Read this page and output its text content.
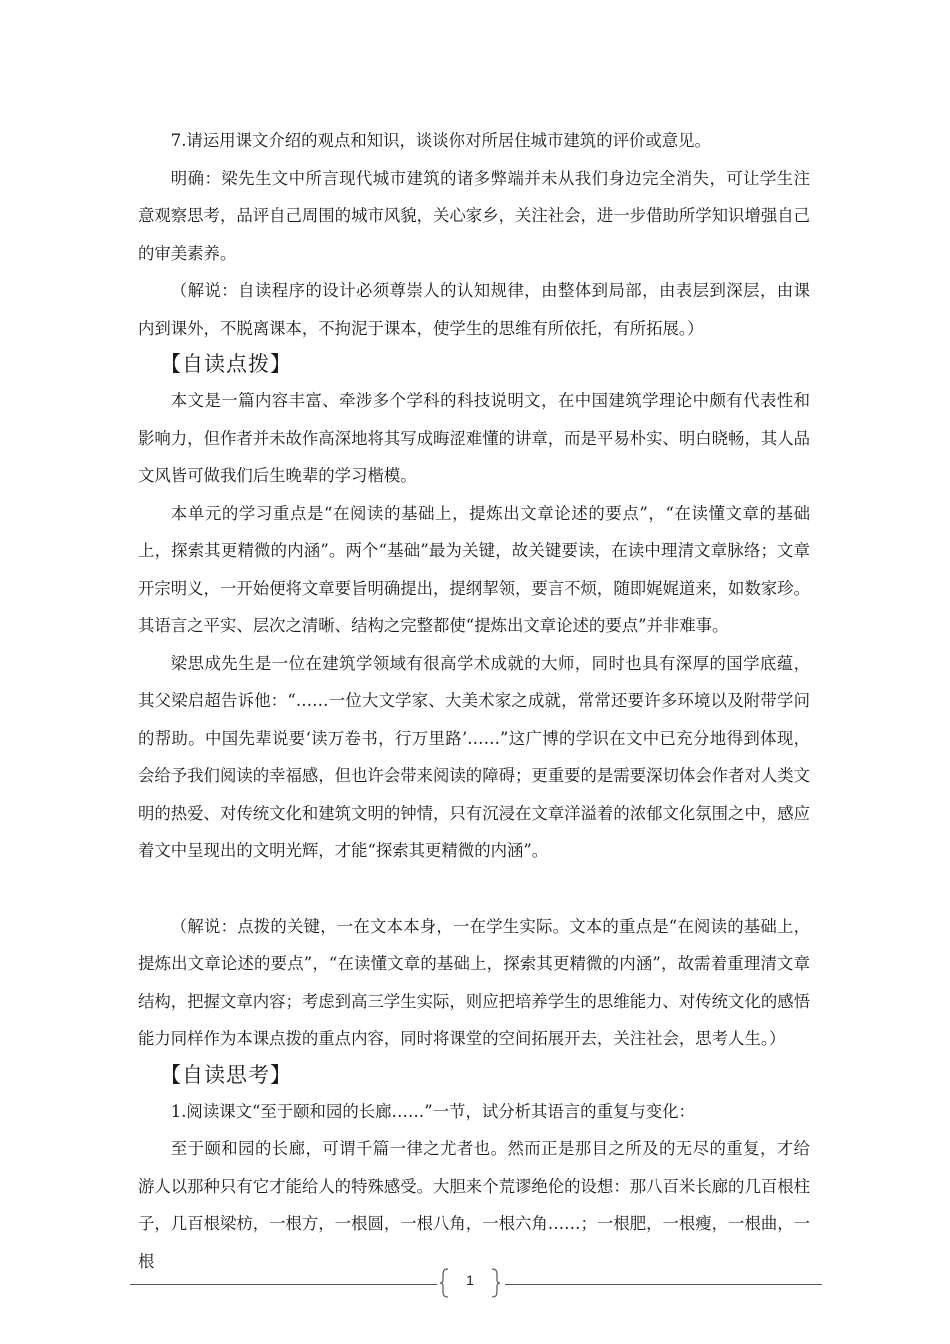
7.请运用课文介绍的观点和知识，谈谈你对所居住城市建筑的评价或意见。

明确：梁先生文中所言现代城市建筑的诸多弊端并未从我们身边完全消失，可让学生注意观察思考，品评自己周围的城市风貌，关心家乡，关注社会，进一步借助所学知识增强自己的审美素养。

（解说：自读程序的设计必须尊崇人的认知规律，由整体到局部，由表层到深层，由课内到课外，不脱离课本，不拘泥于课本，使学生的思维有所依托，有所拓展。）

【自读点拨】

本文是一篇内容丰富、牵涉多个学科的科技说明文，在中国建筑学理论中颇有代表性和影响力，但作者并未故作高深地将其写成晦涩难懂的讲章，而是平易朴实、明白晓畅，其人品文风皆可做我们后生晚辈的学习楷模。

本单元的学习重点是“在阅读的基础上，提炼出文章论述的要点”，“在读懂文章的基础上，探索其更精微的内涵”。两个“基础”最为关键，故关键要读，在读中理清文章脉络；文章开宗明义，一开始便将文章要旨明确提出，提纲挈领，要言不烦，随即娓娓道来，如数家珍。其语言之平实、层次之清晰、结构之完整都使“提炼出文章论述的要点”并非难事。

梁思成先生是一位在建筑学领域有很高学术成就的大师，同时也具有深厚的国学底蕴，其父梁启超告诉他：“……一位大文学家、大美术家之成就，常常还要许多环境以及附带学问的帮助。中国先辈说要‘读万卷书，行万里路’……”这广博的学识在文中已充分地得到体现，会给予我们阅读的幸福感，但也许会带来阅读的障碍；更重要的是需要深切体会作者对人类文明的热爱、对传统文化和建筑文明的钟情，只有沉浸在文章洋溢着的浓郁文化氛围之中，感应着文中呈现出的文明光辉，才能“探索其更精微的内涵”。

（解说：点拨的关键，一在文本本身，一在学生实际。文本的重点是“在阅读的基础上，提炼出文章论述的要点”，“在读懂文章的基础上，探索其更精微的内涵”，故需着重理清文章结构，把握文章内容；考虑到高三学生实际，则应把培养学生的思维能力、对传统文化的感悟能力同样作为本课点拨的重点内容，同时将课堂的空间拓展开去，关注社会，思考人生。）

【自读思考】

1.阅读课文“至于颐和园的长廊……”一节，试分析其语言的重复与变化：

至于颐和园的长廊，可谓千篇一律之尤者也。然而正是那目之所及的无尽的重复，才给游人以那种只有它才能给人的特殊感受。大胆来个荒谬绝伦的设想：那八百米长廊的几百根柱子，几百根梁枋，一根方，一根圆，一根八角，一根六角……；一根肥，一根瘦，一根曲，一根

1
